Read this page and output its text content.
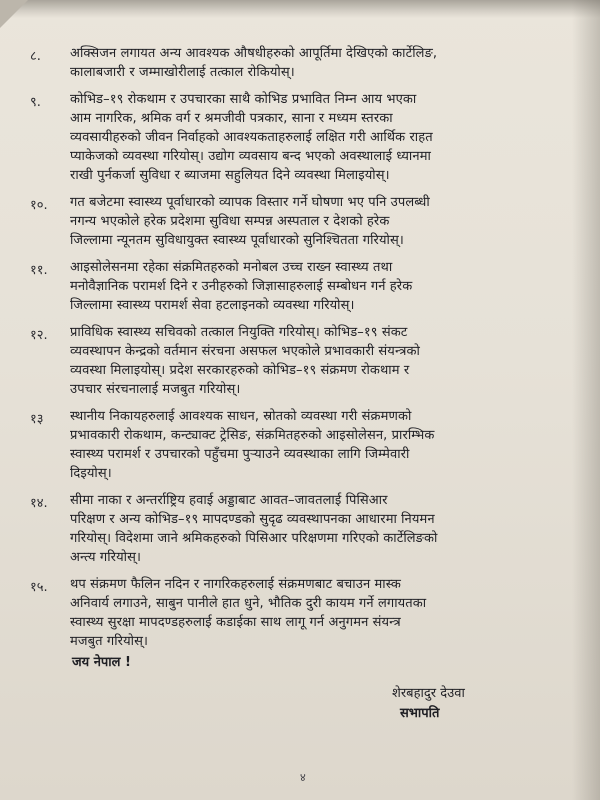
८.	अक्सिजन लगायत अन्य आवश्यक औषधीहरुको आपूर्तिमा देखिएको कार्टेलिङ,
कालाबजारी र जम्माखोरीलाई तत्काल रोकियोस्।
९.	कोभिड–१९ रोकथाम र उपचारका साथै कोभिड प्रभावित निम्न आय भएका
आम नागरिक, श्रमिक वर्ग र श्रमजीवी पत्रकार, साना र मध्यम स्तरका
व्यवसायीहरुको जीवन निर्वाहको आवश्यकताहरुलाई लक्षित गरी आर्थिक राहत
प्याकेजको व्यवस्था गरियोस्। उद्योग व्यवसाय बन्द भएको अवस्थालाई ध्यानमा
राखी पुर्नकर्जा सुविधा र ब्याजमा सहुलियत दिने व्यवस्था मिलाइयोस्।
१०.	गत बजेटमा स्वास्थ्य पूर्वाधारको व्यापक विस्तार गर्ने घोषणा भए पनि उपलब्धी
नगन्य भएकोले हरेक प्रदेशमा सुविधा सम्पन्न अस्पताल र देशको हरेक
जिल्लामा न्यूनतम सुविधायुक्त स्वास्थ्य पूर्वाधारको सुनिश्चितता गरियोस्।
११.	आइसोलेसनमा रहेका संक्रमितहरुको मनोबल उच्च राख्न स्वास्थ्य तथा
मनोवैज्ञानिक परामर्श दिने र उनीहरुको जिज्ञासाहरुलाई सम्बोधन गर्न हरेक
जिल्लामा स्वास्थ्य परामर्श सेवा हटलाइनको व्यवस्था गरियोस्।
१२.	प्राविधिक स्वास्थ्य सचिवको तत्काल नियुक्ति गरियोस्। कोभिड–१९ संकट
व्यवस्थापन केन्द्रको वर्तमान संरचना असफल भएकोले प्रभावकारी संयन्त्रको
व्यवस्था मिलाइयोस्। प्रदेश सरकारहरुको कोभिड–१९ संक्रमण रोकथाम र
उपचार संरचनालाई मजबुत गरियोस्।
१३	स्थानीय निकायहरुलाई आवश्यक साधन, स्रोतको व्यवस्था गरी संक्रमणको
प्रभावकारी रोकथाम, कन्ट्याक्ट ट्रेसिङ, संक्रमितहरुको आइसोलेसन, प्रारम्भिक
स्वास्थ्य परामर्श र उपचारको पहुँचमा पुऱ्याउने व्यवस्थाका लागि जिम्मेवारी
दिइयोस्।
१४.	सीमा नाका र अन्तर्राष्ट्रिय हवाई अड्डाबाट आवत–जावतलाई पिसिआर
परिक्षण र अन्य कोभिड–१९ मापदण्डको सुदृढ व्यवस्थापनका आधारमा नियमन
गरियोस्। विदेशमा जाने श्रमिकहरुको पिसिआर परिक्षणमा गरिएको कार्टेलिङको
अन्त्य गरियोस्।
१५.	थप संक्रमण फैलिन नदिन र नागरिकहरुलाई संक्रमणबाट बचाउन मास्क
अनिवार्य लगाउने, साबुन पानीले हात धुने, भौतिक दुरी कायम गर्ने लगायतका
स्वास्थ्य सुरक्षा मापदण्डहरुलाई कडाईका साथ लागू गर्न अनुगमन संयन्त्र
मजबुत गरियोस्।
जय नेपाल !
शेरबहादुर देउवा
सभापति
४
